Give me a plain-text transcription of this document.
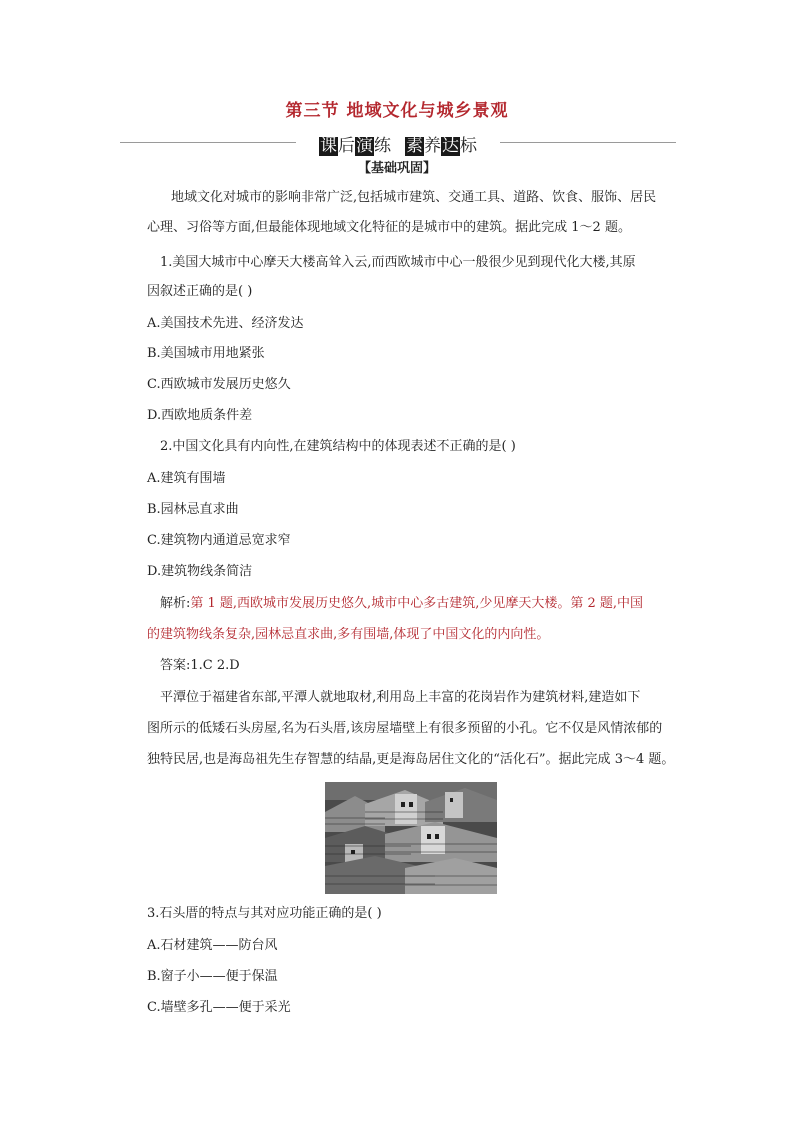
第三节 地域文化与城乡景观
课后演练 素养达标
【基础巩固】
地域文化对城市的影响非常广泛,包括城市建筑、交通工具、道路、饮食、服饰、居民
心理、习俗等方面,但最能体现地域文化特征的是城市中的建筑。据此完成 1～2 题。
1.美国大城市中心摩天大楼高耸入云,而西欧城市中心一般很少见到现代化大楼,其原
因叙述正确的是( )
A.美国技术先进、经济发达
B.美国城市用地紧张
C.西欧城市发展历史悠久
D.西欧地质条件差
2.中国文化具有内向性,在建筑结构中的体现表述不正确的是( )
A.建筑有围墙
B.园林忌直求曲
C.建筑物内通道忌宽求窄
D.建筑物线条简洁
解析:第 1 题,西欧城市发展历史悠久,城市中心多古建筑,少见摩天大楼。第 2 题,中国
的建筑物线条复杂,园林忌直求曲,多有围墙,体现了中国文化的内向性。
答案:1.C 2.D
平潭位于福建省东部,平潭人就地取材,利用岛上丰富的花岗岩作为建筑材料,建造如下
图所示的低矮石头房屋,名为石头厝,该房屋墙壁上有很多预留的小孔。它不仅是风情浓郁的
独特民居,也是海岛祖先生存智慧的结晶,更是海岛居住文化的“活化石”。据此完成 3～4 题。
3.石头厝的特点与其对应功能正确的是( )
A.石材建筑——防台风
B.窗子小——便于保温
C.墙壁多孔——便于采光
